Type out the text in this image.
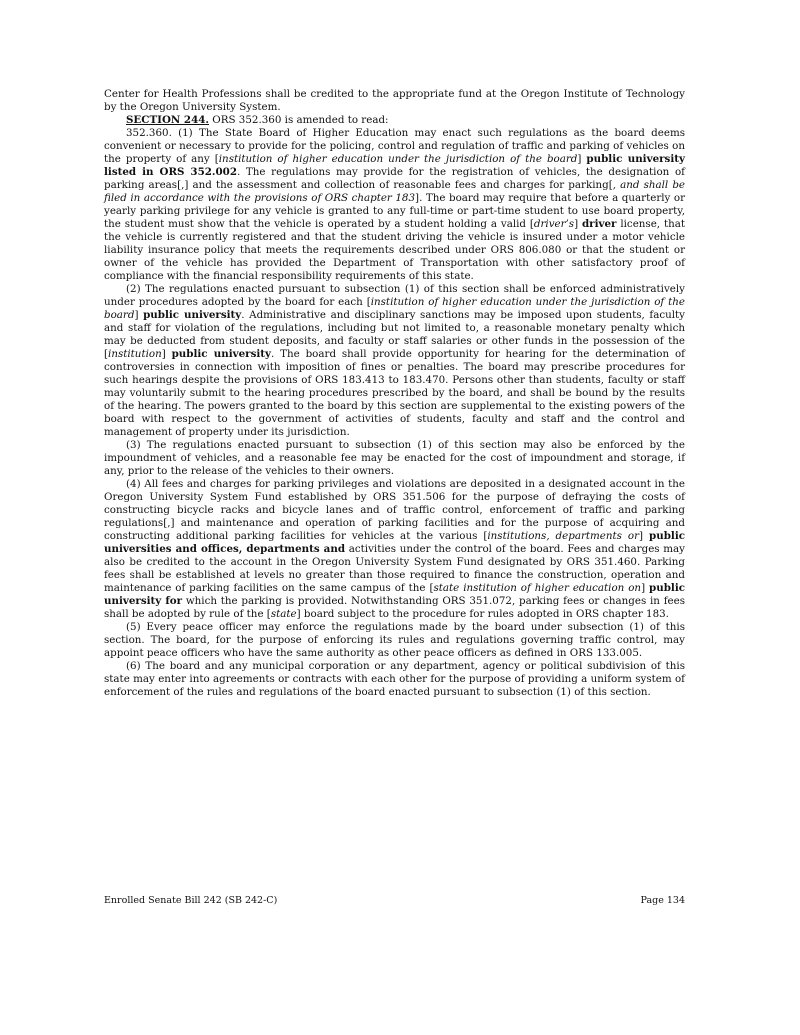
Center for Health Professions shall be credited to the appropriate fund at the Oregon Institute of Technology by the Oregon University System.

SECTION 244. ORS 352.360 is amended to read:

352.360. (1) The State Board of Higher Education may enact such regulations as the board deems convenient or necessary to provide for the policing, control and regulation of traffic and parking of vehicles on the property of any [institution of higher education under the jurisdiction of the board] public university listed in ORS 352.002. The regulations may provide for the registration of vehicles, the designation of parking areas[,] and the assessment and collection of reasonable fees and charges for parking[, and shall be filed in accordance with the provisions of ORS chapter 183]. The board may require that before a quarterly or yearly parking privilege for any vehicle is granted to any full-time or part-time student to use board property, the student must show that the vehicle is operated by a student holding a valid [driver’s] driver license, that the vehicle is currently registered and that the student driving the vehicle is insured under a motor vehicle liability insurance policy that meets the requirements described under ORS 806.080 or that the student or owner of the vehicle has provided the Department of Transportation with other satisfactory proof of compliance with the financial responsibility requirements of this state.

(2) The regulations enacted pursuant to subsection (1) of this section shall be enforced administratively under procedures adopted by the board for each [institution of higher education under the jurisdiction of the board] public university. Administrative and disciplinary sanctions may be imposed upon students, faculty and staff for violation of the regulations, including but not limited to, a reasonable monetary penalty which may be deducted from student deposits, and faculty or staff salaries or other funds in the possession of the [institution] public university. The board shall provide opportunity for hearing for the determination of controversies in connection with imposition of fines or penalties. The board may prescribe procedures for such hearings despite the provisions of ORS 183.413 to 183.470. Persons other than students, faculty or staff may voluntarily submit to the hearing procedures prescribed by the board, and shall be bound by the results of the hearing. The powers granted to the board by this section are supplemental to the existing powers of the board with respect to the government of activities of students, faculty and staff and the control and management of property under its jurisdiction.

(3) The regulations enacted pursuant to subsection (1) of this section may also be enforced by the impoundment of vehicles, and a reasonable fee may be enacted for the cost of impoundment and storage, if any, prior to the release of the vehicles to their owners.

(4) All fees and charges for parking privileges and violations are deposited in a designated account in the Oregon University System Fund established by ORS 351.506 for the purpose of defraying the costs of constructing bicycle racks and bicycle lanes and of traffic control, enforcement of traffic and parking regulations[,] and maintenance and operation of parking facilities and for the purpose of acquiring and constructing additional parking facilities for vehicles at the various [institutions, departments or] public universities and offices, departments and activities under the control of the board. Fees and charges may also be credited to the account in the Oregon University System Fund designated by ORS 351.460. Parking fees shall be established at levels no greater than those required to finance the construction, operation and maintenance of parking facilities on the same campus of the [state institution of higher education on] public university for which the parking is provided. Notwithstanding ORS 351.072, parking fees or changes in fees shall be adopted by rule of the [state] board subject to the procedure for rules adopted in ORS chapter 183.

(5) Every peace officer may enforce the regulations made by the board under subsection (1) of this section. The board, for the purpose of enforcing its rules and regulations governing traffic control, may appoint peace officers who have the same authority as other peace officers as defined in ORS 133.005.

(6) The board and any municipal corporation or any department, agency or political subdivision of this state may enter into agreements or contracts with each other for the purpose of providing a uniform system of enforcement of the rules and regulations of the board enacted pursuant to subsection (1) of this section.

Enrolled Senate Bill 242 (SB 242-C)	Page 134
